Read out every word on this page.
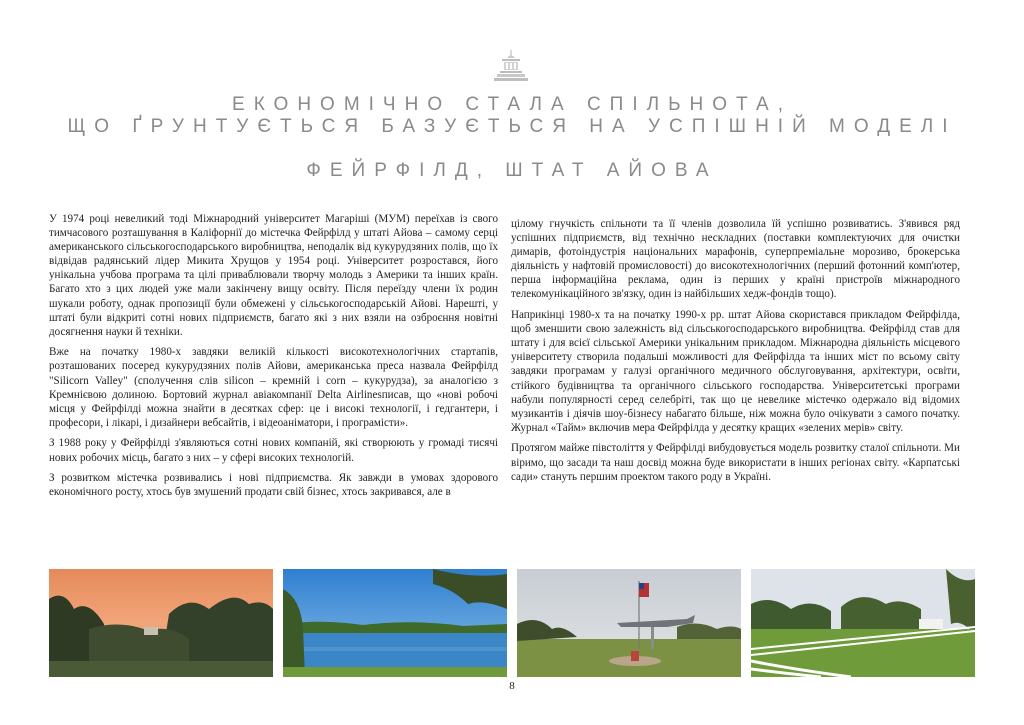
ЕКОНОМІЧНО СТАЛА СПІЛЬНОТА,
ЩО ҐРУНТУЄТЬСЯ БАЗУЄТЬСЯ НА УСПІШНІЙ МОДЕЛІ
ФЕЙРФІЛД, ШТАТ АЙОВА

У 1974 році невеликий тоді Міжнародний університет Магаріші (МУМ) переїхав із свого тимчасового розташування в Каліфорнії до містечка Фейрфілд у штаті Айова – самому серці американського сільськогосподарського виробництва, неподалік від кукурудзяних полів, що їх відвідав радянський лідер Микита Хрущов у 1954 році. Університет розростався, його унікальна учбова програма та цілі приваблювали творчу молодь з Америки та інших країн. Багато хто з цих людей уже мали закінчену вищу освіту. Після переїзду члени їх родин шукали роботу, однак пропозиції були обмежені у сільськогосподарській Айові. Нарешті, у штаті були відкриті сотні нових підприємств, багато які з них взяли на озброєння новітні досягнення науки й техніки.

Вже на початку 1980-х завдяки великій кількості високотехнологічних стартапів, розташованих посеред кукурудзяних полів Айови, американська преса назвала Фейрфілд "Silicorn Valley" (сполучення слів silicon – кремній і corn – кукурудза), за аналогією з Кремнієвою долиною. Бортовий журнал авіакомпанії Delta Airlinesписав, що «нові робочі місця у Фейрфілді можна знайти в десятках сфер: це і високі технології, і гедгантери, і професори, і лікарі, і дизайнери вебсайтів, і відеоаніматори, і програмісти».

З 1988 року у Фейрфілді з'являються сотні нових компаній, які створюють у громаді тисячі нових робочих місць, багато з них – у сфері високих технологій.

З розвитком містечка розвивались і нові підприємства. Як завжди в умовах здорового економічного росту, хтось був змушений продати свій бізнес, хтось закривався, але в

цілому гнучкість спільноти та її членів дозволила їй успішно розвиватись. З'явився ряд успішних підприємств, від технічно нескладних (поставки комплектуючих для очистки димарів, фотоіндустрія національних марафонів, суперпреміальне морозиво, брокерська діяльність у нафтовій промисловості) до високотехнологічних (перший фотонний комп'ютер, перша інформаційна реклама, один із перших у країні пристроїв міжнародного телекомунікаційного зв'язку, один із найбільших хедж-фондів тощо).

Наприкінці 1980-х та на початку 1990-х рр. штат Айова скористався прикладом Фейрфілда, щоб зменшити свою залежність від сільськогосподарського виробництва. Фейрфілд став для штату і для всієї сільської Америки унікальним прикладом. Міжнародна діяльність місцевого університету створила подальші можливості для Фейрфілда та інших міст по всьому світу завдяки програмам у галузі органічного медичного обслуговування, архітектури, освіти, стійкого будівництва та органічного сільського господарства. Університетські програми набули популярності серед селебріті, так що це невелике містечко одержало від відомих музикантів і діячів шоу-бізнесу набагато більше, ніж можна було очікувати з самого початку. Журнал «Тайм» включив мера Фейрфілда у десятку кращих «зелених мерів» світу.

Протягом майже півстоліття у Фейрфілді вибудовується модель розвитку сталої спільноти. Ми віримо, що засади та наш досвід можна буде використати в інших регіонах світу. «Карпатські сади» стануть першим проектом такого роду в Україні.

8
